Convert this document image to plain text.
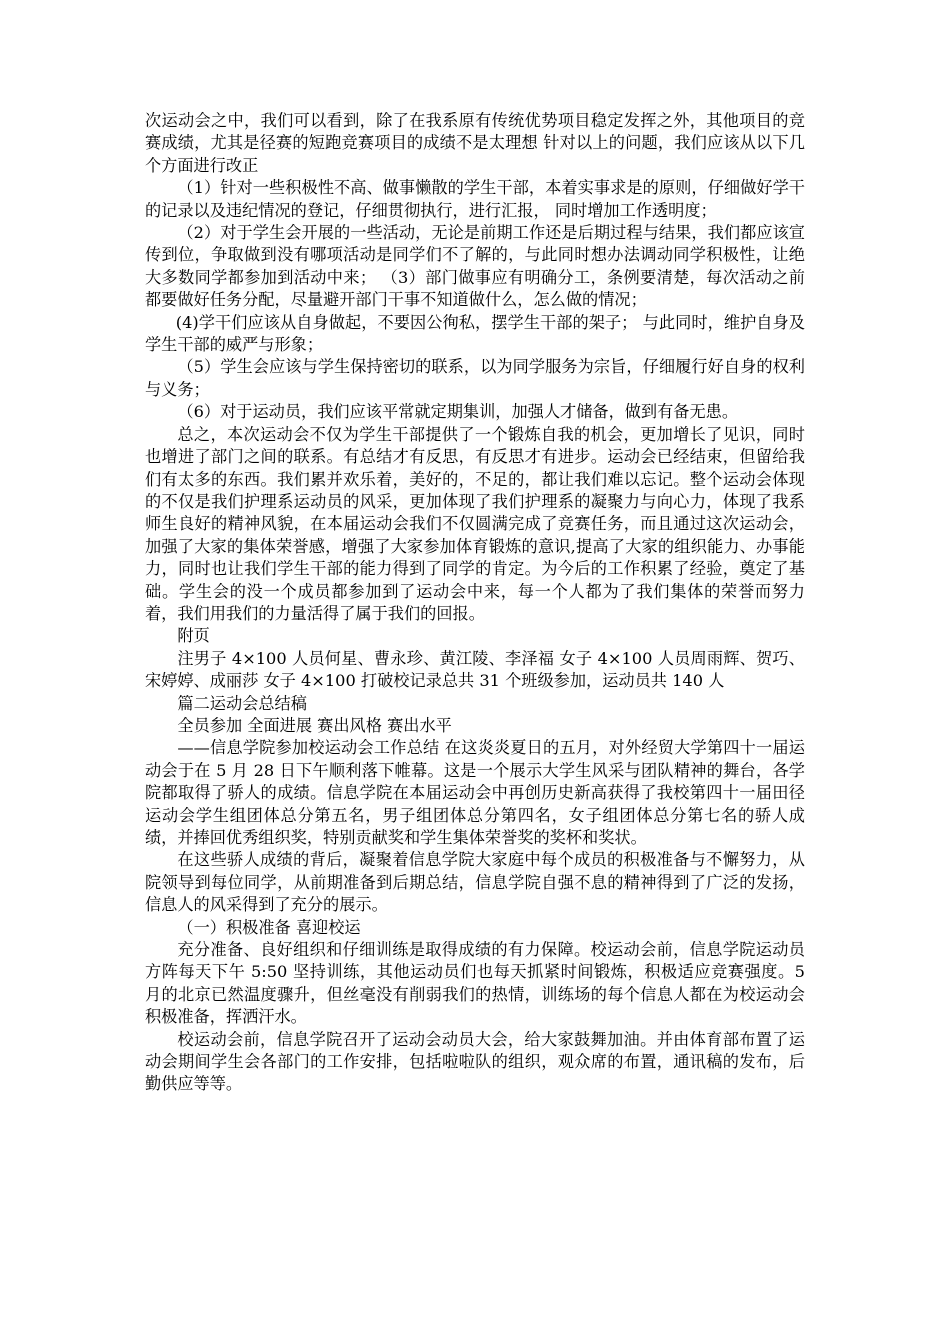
次运动会之中，我们可以看到，除了在我系原有传统优势项目稳定发挥之外，其他项目的竞赛成绩，尤其是径赛的短跑竞赛项目的成绩不是太理想 针对以上的问题，我们应该从以下几个方面进行改正

（1）针对一些积极性不高、做事懒散的学生干部，本着实事求是的原则，仔细做好学干的记录以及违纪情况的登记，仔细贯彻执行，进行汇报， 同时增加工作透明度；

（2）对于学生会开展的一些活动，无论是前期工作还是后期过程与结果，我们都应该宣传到位，争取做到没有哪项活动是同学们不了解的，与此同时想办法调动同学积极性，让绝大多数同学都参加到活动中来； （3）部门做事应有明确分工，条例要清楚，每次活动之前都要做好任务分配，尽量避开部门干事不知道做什么，怎么做的情况；

(4)学干们应该从自身做起，不要因公徇私，摆学生干部的架子； 与此同时，维护自身及学生干部的威严与形象；

（5）学生会应该与学生保持密切的联系，以为同学服务为宗旨，仔细履行好自身的权利与义务；

（6）对于运动员，我们应该平常就定期集训，加强人才储备，做到有备无患。

总之，本次运动会不仅为学生干部提供了一个锻炼自我的机会，更加增长了见识，同时也增进了部门之间的联系。有总结才有反思，有反思才有进步。运动会已经结束，但留给我们有太多的东西。我们累并欢乐着，美好的，不足的，都让我们难以忘记。整个运动会体现的不仅是我们护理系运动员的风采，更加体现了我们护理系的凝聚力与向心力，体现了我系师生良好的精神风貌，在本届运动会我们不仅圆满完成了竞赛任务，而且通过这次运动会，加强了大家的集体荣誉感，增强了大家参加体育锻炼的意识,提高了大家的组织能力、办事能力，同时也让我们学生干部的能力得到了同学的肯定。为今后的工作积累了经验，奠定了基础。学生会的没一个成员都参加到了运动会中来，每一个人都为了我们集体的荣誉而努力着，我们用我们的力量活得了属于我们的回报。

附页

注男子 4×100 人员何星、曹永珍、黄江陵、李泽福 女子 4×100 人员周雨辉、贺巧、宋婷婷、成丽莎 女子 4×100 打破校记录总共 31 个班级参加，运动员共 140 人

篇二运动会总结稿

全员参加 全面进展 赛出风格 赛出水平

——信息学院参加校运动会工作总结 在这炎炎夏日的五月，对外经贸大学第四十一届运动会于在 5 月 28 日下午顺利落下帷幕。这是一个展示大学生风采与团队精神的舞台，各学院都取得了骄人的成绩。信息学院在本届运动会中再创历史新高获得了我校第四十一届田径运动会学生组团体总分第五名，男子组团体总分第四名，女子组团体总分第七名的骄人成绩，并捧回优秀组织奖，特别贡献奖和学生集体荣誉奖的奖杯和奖状。

在这些骄人成绩的背后，凝聚着信息学院大家庭中每个成员的积极准备与不懈努力，从院领导到每位同学，从前期准备到后期总结，信息学院自强不息的精神得到了广泛的发扬，信息人的风采得到了充分的展示。

（一）积极准备 喜迎校运

充分准备、良好组织和仔细训练是取得成绩的有力保障。校运动会前，信息学院运动员方阵每天下午 5:50 坚持训练，其他运动员们也每天抓紧时间锻炼，积极适应竞赛强度。5 月的北京已然温度骤升，但丝毫没有削弱我们的热情，训练场的每个信息人都在为校运动会积极准备，挥洒汗水。

校运动会前，信息学院召开了运动会动员大会，给大家鼓舞加油。并由体育部布置了运动会期间学生会各部门的工作安排，包括啦啦队的组织，观众席的布置，通讯稿的发布，后勤供应等等。
